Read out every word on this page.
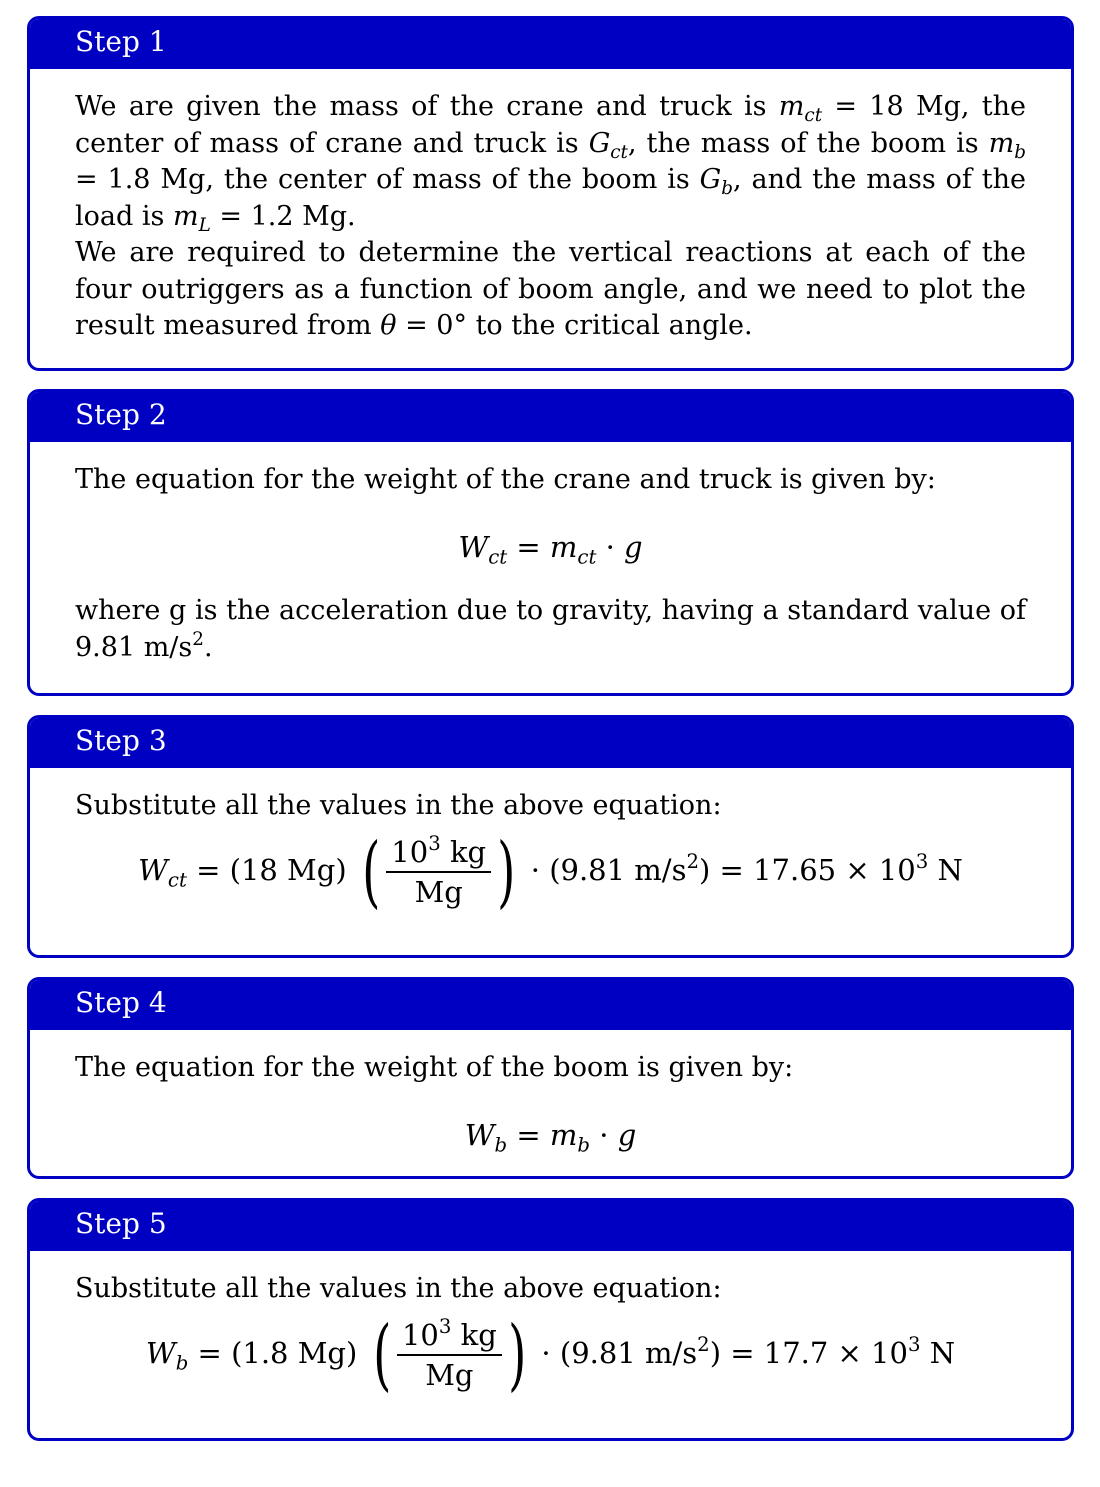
Step 1

We are given the mass of the crane and truck is $m_{ct} = 18$ Mg, the center of mass of crane and truck is $G_{ct}$, the mass of the boom is $m_b = 1.8$ Mg, the center of mass of the boom is $G_b$, and the mass of the load is $m_L = 1.2$ Mg.

We are required to determine the vertical reactions at each of the four outriggers as a function of boom angle, and we need to plot the result measured from θ = 0° to the critical angle.

Step 2

The equation for the weight of the crane and truck is given by:

$W_{ct} = m_{ct} \cdot g$

where g is the acceleration due to gravity, having a standard value of 9.81 $m/s^2$.

Step 3

Substitute all the values in the above equation:

$W_{ct} = (18$ Mg) ( $\frac{10^3 kg}{Mg}$ ) · (9.81 $m/s^2) = 17.65 \times 10^3$ N
Step 4

The equation for the weight of the boom is given by:

$W_b = m_b \cdot g$
Step 5

Substitute all the values in the above equation:

$W_b = (1.8$ Mg) ( $\frac{10^3 kg}{Mg}$ ) · (9.81 $m/s^2) = 17.7 \times 10^3$ N
